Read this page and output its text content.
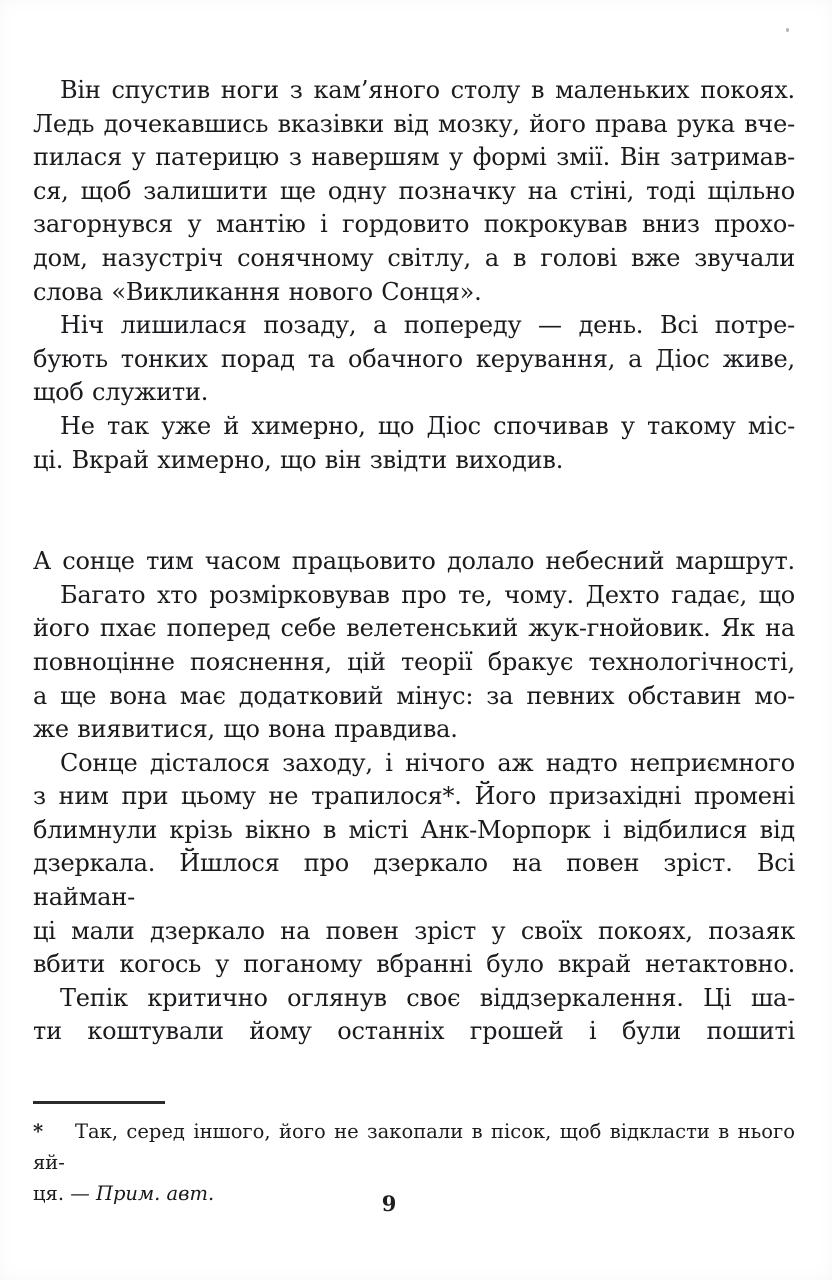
Він спустив ноги з кам’яного столу в маленьких покоях.
Ледь дочекавшись вказівки від мозку, його права рука вче-
пилася у патерицю з навершям у формі змії. Він затримав-
ся, щоб залишити ще одну позначку на стіні, тоді щільно
загорнувся у мантію і гордовито покрокував вниз прохо-
дом, назустріч сонячному світлу, а в голові вже звучали
слова «Викликання нового Сонця».
Ніч лишилася позаду, а попереду — день. Всі потре-
бують тонких порад та обачного керування, а Діос живе,
щоб служити.
Не так уже й химерно, що Діос спочивав у такому міс-
ці. Вкрай химерно, що він звідти виходив.
А сонце тим часом працьовито долало небесний маршрут.
Багато хто розмірковував про те, чому. Дехто гадає, що
його пхає поперед себе велетенський жук-гнойовик. Як на
повноцінне пояснення, цій теорії бракує технологічності,
а ще вона має додатковий мінус: за певних обставин мо-
же виявитися, що вона правдива.
Сонце дісталося заходу, і нічого аж надто неприємного
з ним при цьому не трапилося*. Його призахідні промені
блимнули крізь вікно в місті Анк-Морпорк і відбилися від
дзеркала. Йшлося про дзеркало на повен зріст. Всі найман-
ці мали дзеркало на повен зріст у своїх покоях, позаяк
вбити когось у поганому вбранні було вкрай нетактовно.
Тепік критично оглянув своє віддзеркалення. Ці ша-
ти коштували йому останніх грошей і були пошиті
* Так, серед іншого, його не закопали в пісок, щоб відкласти в нього яй-
ця. — Прим. авт.	9
